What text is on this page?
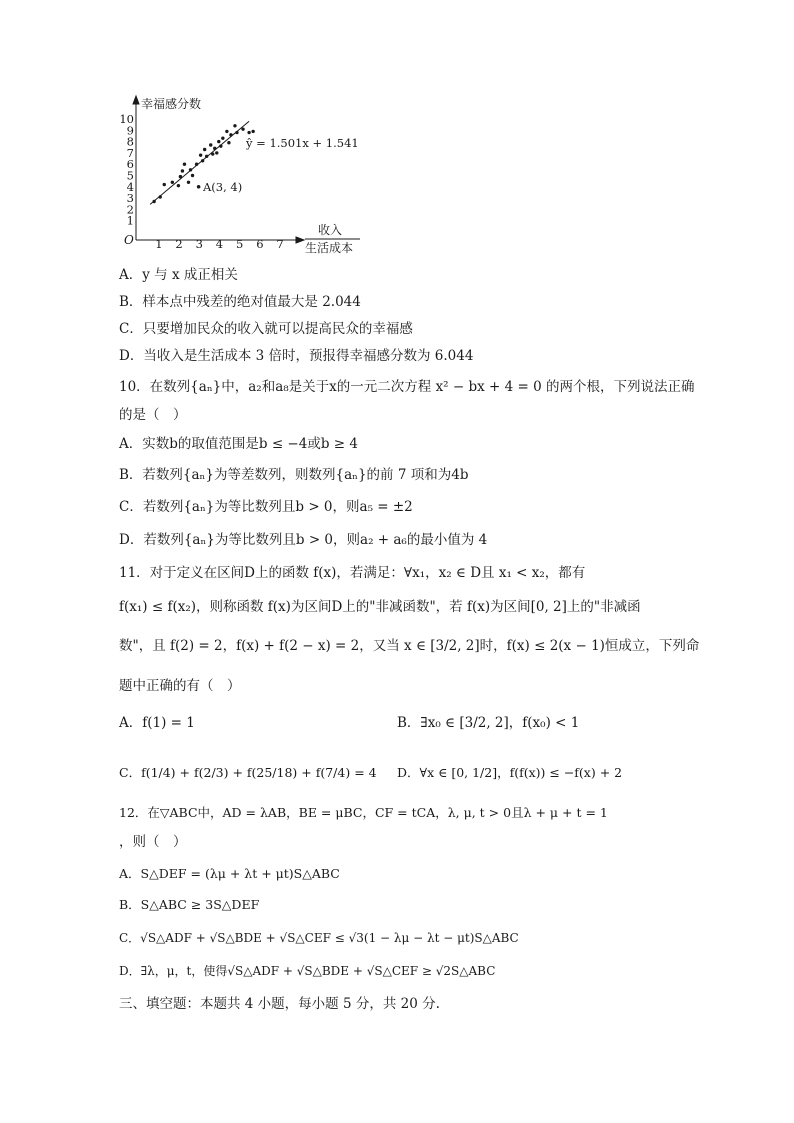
幸福感分数
收入
生活成本
O
ŷ = 1.501x + 1.541
A(3, 4)
1 2 3 4 5 6 7
1
2
3
4
5
6
7
8
9
10
A．y 与 x 成正相关
B．样本点中残差的绝对值最大是 2.044
C．只要增加民众的收入就可以提高民众的幸福感
D．当收入是生活成本 3 倍时，预报得幸福感分数为 6.044
10．在数列{aₙ}中，a₂和a₈是关于x的一元二次方程 x² − bx + 4 = 0 的两个根，下列说法正确
的是（　）
A．实数b的取值范围是b ≤ −4或b ≥ 4
B．若数列{aₙ}为等差数列，则数列{aₙ}的前 7 项和为4b
C．若数列{aₙ}为等比数列且b > 0，则a₅ = ±2
D．若数列{aₙ}为等比数列且b > 0，则a₂ + a₆的最小值为 4
11．对于定义在区间D上的函数 f(x)，若满足：∀x₁，x₂ ∈ D且 x₁ < x₂，都有
f(x₁) ≤ f(x₂)，则称函数 f(x)为区间D上的"非减函数"，若 f(x)为区间[0, 2]上的"非减函
数"，且 f(2) = 2，f(x) + f(2 − x) = 2，又当 x ∈ [3/2, 2]时，f(x) ≤ 2(x − 1)恒成立，下列命
题中正确的有（　）
A．f(1) = 1	B．∃x₀ ∈ [3/2, 2]，f(x₀) < 1
C．f(1/4) + f(2/3) + f(25/18) + f(7/4) = 4 D．∀x ∈ [0, 1/2]，f(f(x)) ≤ −f(x) + 2
12．在▽ABC中，AD = λAB，BE = μBC，CF = tCA，λ, μ, t > 0且λ + μ + t = 1
，则（　）
A．S△DEF = (λμ + λt + μt)S△ABC
B．S△ABC ≥ 3S△DEF
C．√S△ADF + √S△BDE + √S△CEF ≤ √3(1 − λμ − λt − μt)S△ABC
D．∃λ，μ，t，使得√S△ADF + √S△BDE + √S△CEF ≥ √2S△ABC
三、填空题：本题共 4 小题，每小题 5 分，共 20 分.
